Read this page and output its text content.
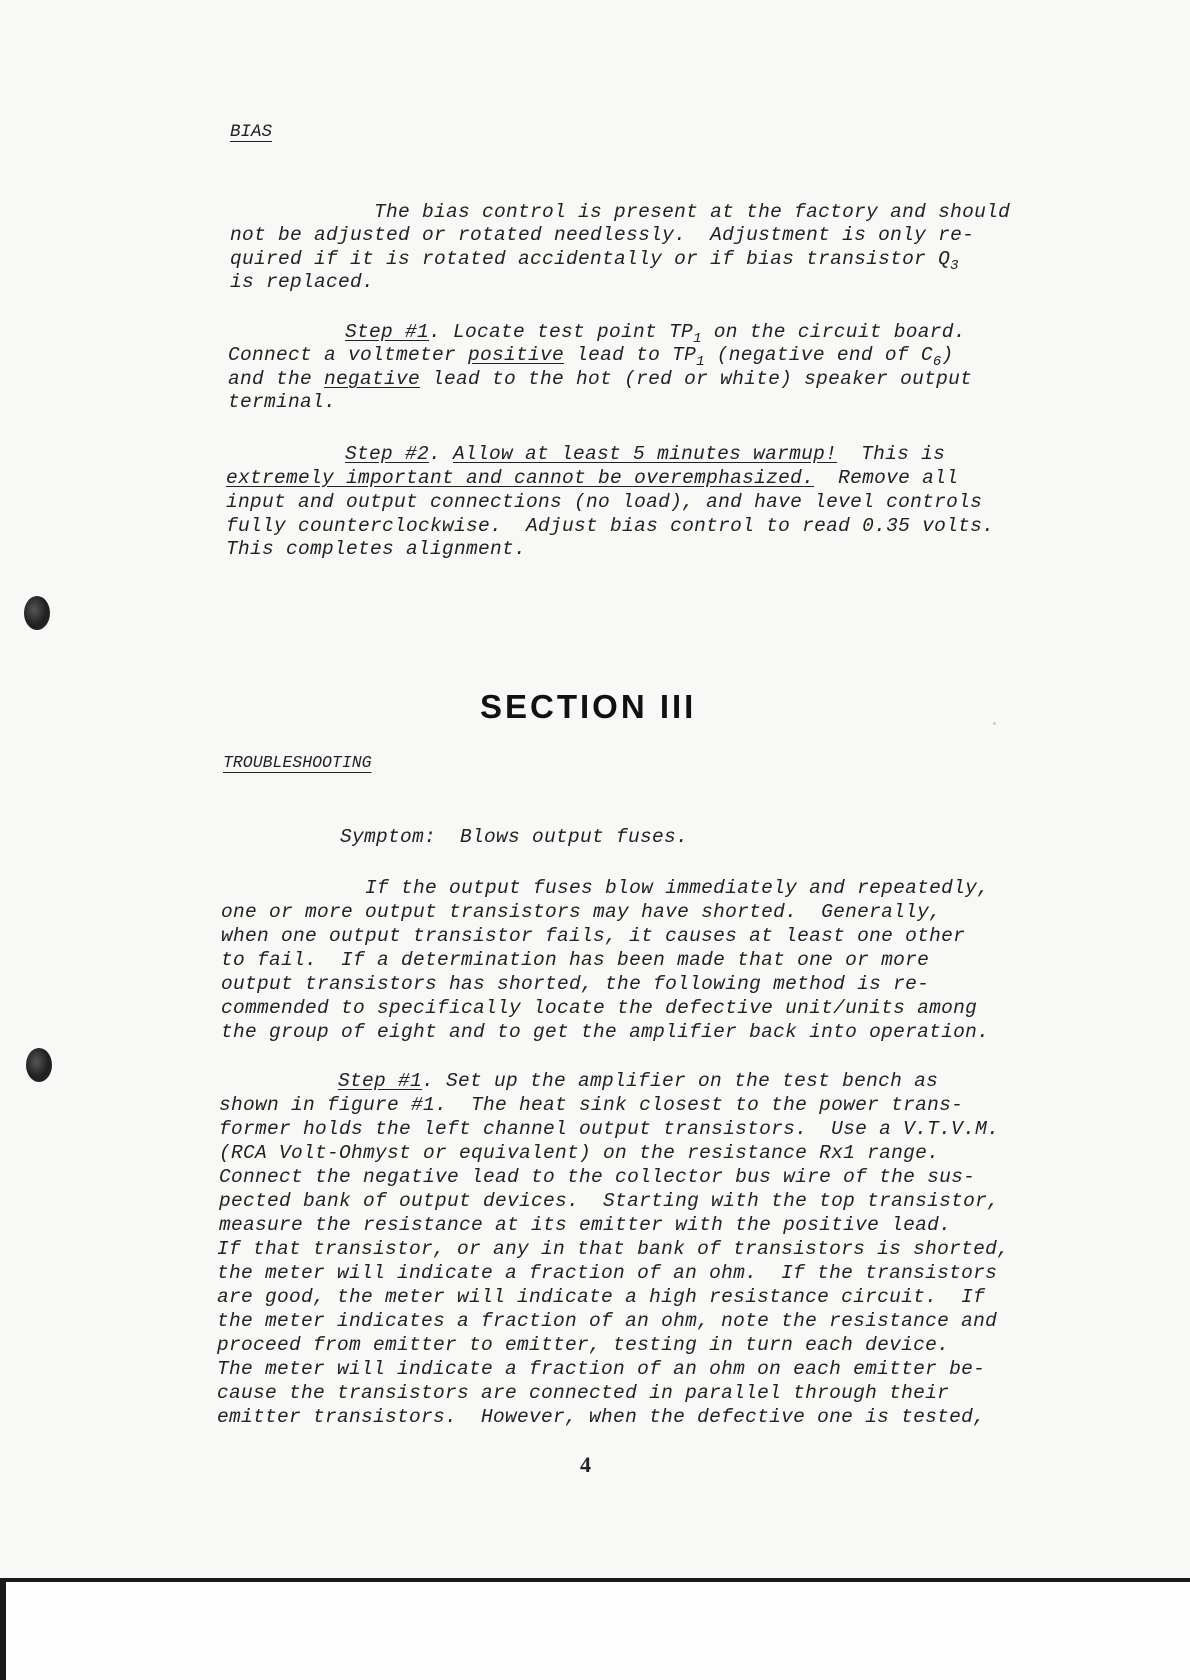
BIAS
The bias control is present at the factory and should
not be adjusted or rotated needlessly.  Adjustment is only re-
quired if it is rotated accidentally or if bias transistor $Q_3$
is replaced.
Step #1. Locate test point $TP_1$ on the circuit board.
Connect a voltmeter positive lead to $TP_1$ (negative end of $C_6$)
and the negative lead to the hot (red or white) speaker output
terminal.
Step #2. Allow at least 5 minutes warmup!  This is
extremely important and cannot be overemphasized.  Remove all
input and output connections (no load), and have level controls
fully counterclockwise.  Adjust bias control to read 0.35 volts.
This completes alignment.
SECTION III
TROUBLESHOOTING
Symptom:  Blows output fuses.
If the output fuses blow immediately and repeatedly,
one or more output transistors may have shorted.  Generally,
when one output transistor fails, it causes at least one other
to fail.  If a determination has been made that one or more
output transistors has shorted, the following method is re-
commended to specifically locate the defective unit/units among
the group of eight and to get the amplifier back into operation.
Step #1. Set up the amplifier on the test bench as
shown in figure #1.  The heat sink closest to the power trans-
former holds the left channel output transistors.  Use a V.T.V.M.
(RCA Volt-Ohmyst or equivalent) on the resistance Rx1 range.
Connect the negative lead to the collector bus wire of the sus-
pected bank of output devices.  Starting with the top transistor,
measure the resistance at its emitter with the positive lead.
If that transistor, or any in that bank of transistors is shorted,
the meter will indicate a fraction of an ohm.  If the transistors
are good, the meter will indicate a high resistance circuit.  If
the meter indicates a fraction of an ohm, note the resistance and
proceed from emitter to emitter, testing in turn each device.
The meter will indicate a fraction of an ohm on each emitter be-
cause the transistors are connected in parallel through their
emitter transistors.  However, when the defective one is tested,
4
